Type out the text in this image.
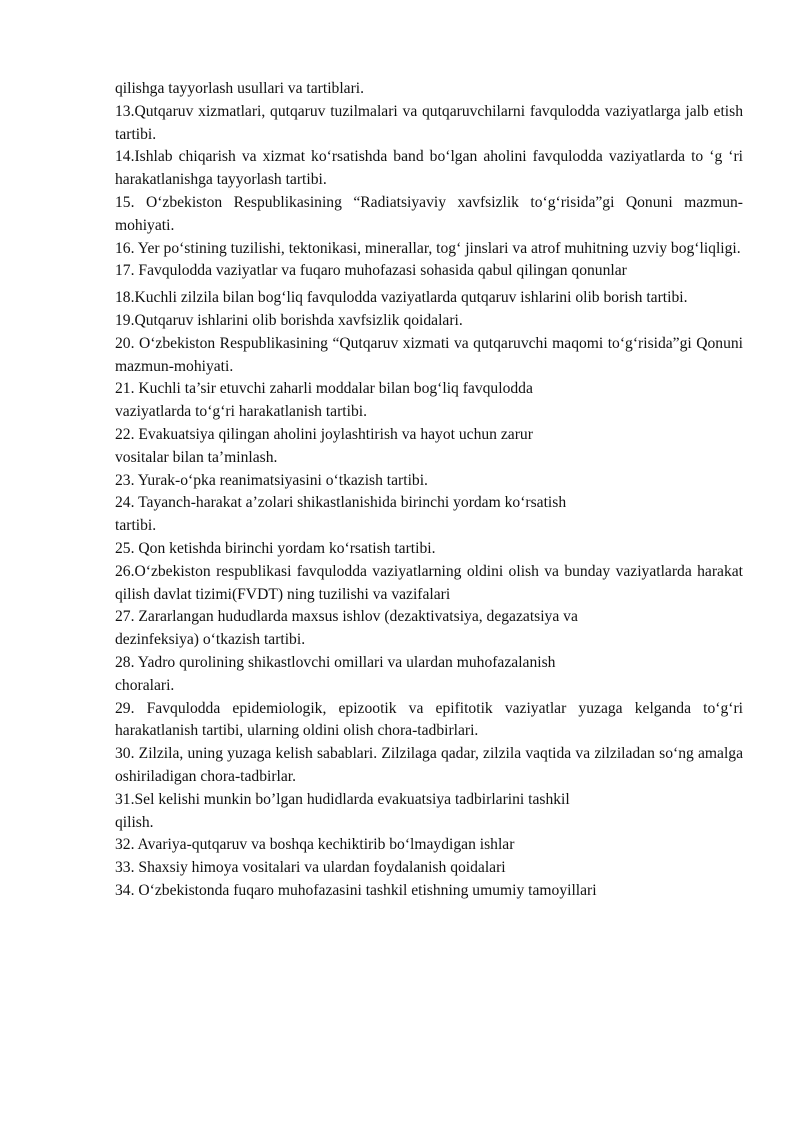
qilishga tayyorlash usullari va tartiblari.

13.Qutqaruv xizmatlari, qutqaruv tuzilmalari va qutqaruvchilarni favqulodda vaziyatlarga jalb etish tartibi.

14.Ishlab chiqarish va xizmat ko‘rsatishda band bo‘lgan aholini favqulodda vaziyatlarda to ‘g ‘ri harakatlanishga tayyorlash tartibi.

15. O‘zbekiston Respublikasining “Radiatsiyaviy xavfsizlik to‘g‘risida”gi Qonuni mazmun-mohiyati.

16. Yer po‘stining tuzilishi, tektonikasi, minerallar, tog‘ jinslari va atrof muhitning uzviy bog‘liqligi.

17. Favqulodda vaziyatlar va fuqaro muhofazasi sohasida qabul qilingan qonunlar

18.Kuchli zilzila bilan bog‘liq favqulodda vaziyatlarda qutqaruv ishlarini olib borish tartibi.

19.Qutqaruv ishlarini olib borishda xavfsizlik qoidalari.

20. O‘zbekiston Respublikasining “Qutqaruv xizmati va qutqaruvchi maqomi to‘g‘risida”gi Qonuni mazmun-mohiyati.

21. Kuchli ta’sir etuvchi zaharli moddalar bilan bog‘liq favqulodda
vaziyatlarda to‘g‘ri harakatlanish tartibi.

22. Evakuatsiya qilingan aholini joylashtirish va hayot uchun zarur
vositalar bilan ta’minlash.

23. Yurak-o‘pka reanimatsiyasini o‘tkazish tartibi.

24. Tayanch-harakat a’zolari shikastlanishida birinchi yordam ko‘rsatish
tartibi.

25. Qon ketishda birinchi yordam ko‘rsatish tartibi.

26.O‘zbekiston respublikasi favqulodda vaziyatlarning oldini olish va bunday vaziyatlarda harakat qilish davlat tizimi(FVDT) ning tuzilishi va vazifalari

27. Zararlangan hududlarda maxsus ishlov (dezaktivatsiya, degazatsiya va
dezinfeksiya) o‘tkazish tartibi.

28. Yadro qurolining shikastlovchi omillari va ulardan muhofazalanish
choralari.

29. Favqulodda epidemiologik, epizootik va epifitotik vaziyatlar yuzaga kelganda to‘g‘ri harakatlanish tartibi, ularning oldini olish chora-tadbirlari.

30. Zilzila, uning yuzaga kelish sabablari. Zilzilaga qadar, zilzila vaqtida va zilziladan so‘ng amalga oshiriladigan chora-tadbirlar.

31.Sel kelishi munkin bo’lgan hudidlarda evakuatsiya tadbirlarini tashkil
qilish.

32. Avariya-qutqaruv va boshqa kechiktirib bo‘lmaydigan ishlar

33. Shaxsiy himoya vositalari va ulardan foydalanish qoidalari

34. O‘zbekistonda fuqaro muhofazasini tashkil etishning umumiy tamoyillari
